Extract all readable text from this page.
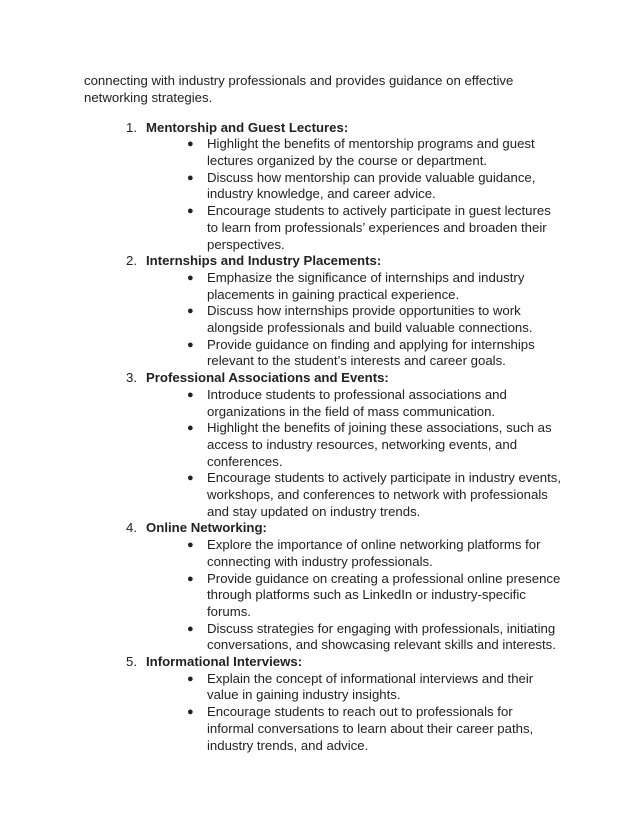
connecting with industry professionals and provides guidance on effective networking strategies.

1. Mentorship and Guest Lectures:
● Highlight the benefits of mentorship programs and guest lectures organized by the course or department.
● Discuss how mentorship can provide valuable guidance, industry knowledge, and career advice.
● Encourage students to actively participate in guest lectures to learn from professionals’ experiences and broaden their perspectives.
2. Internships and Industry Placements:
● Emphasize the significance of internships and industry placements in gaining practical experience.
● Discuss how internships provide opportunities to work alongside professionals and build valuable connections.
● Provide guidance on finding and applying for internships relevant to the student’s interests and career goals.
3. Professional Associations and Events:
● Introduce students to professional associations and organizations in the field of mass communication.
● Highlight the benefits of joining these associations, such as access to industry resources, networking events, and conferences.
● Encourage students to actively participate in industry events, workshops, and conferences to network with professionals and stay updated on industry trends.
4. Online Networking:
● Explore the importance of online networking platforms for connecting with industry professionals.
● Provide guidance on creating a professional online presence through platforms such as LinkedIn or industry-specific forums.
● Discuss strategies for engaging with professionals, initiating conversations, and showcasing relevant skills and interests.
5. Informational Interviews:
● Explain the concept of informational interviews and their value in gaining industry insights.
● Encourage students to reach out to professionals for informal conversations to learn about their career paths, industry trends, and advice.
